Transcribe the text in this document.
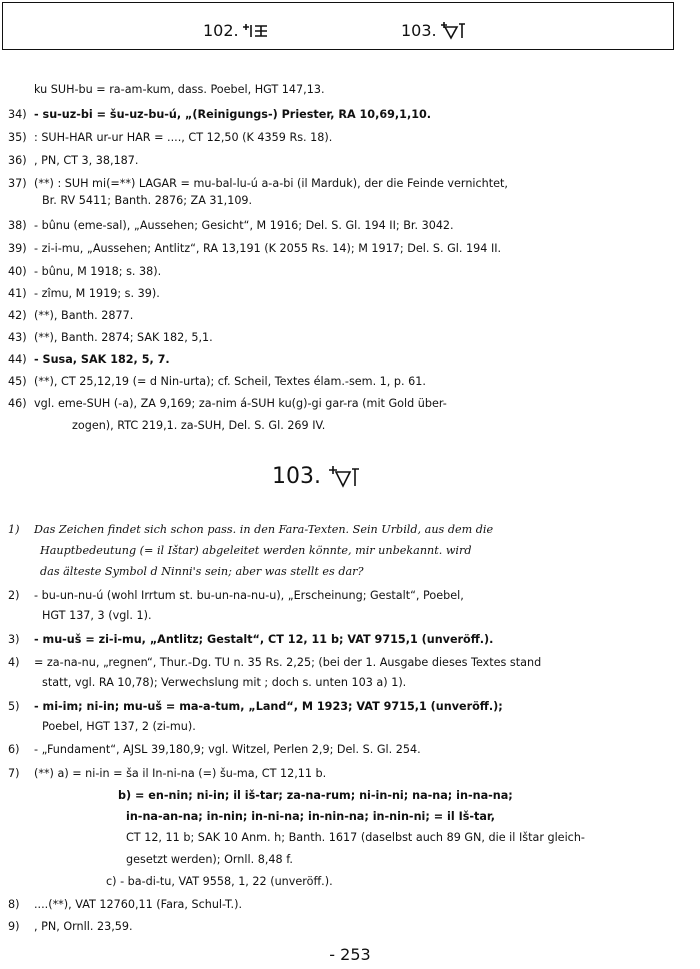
102.	103.
ku SUH-bu = ra-am-kum, dass. Poebel, HGT 147,13.
34) - su-uz-bi = šu-uz-bu-ú, „(Reinigungs-) Priester, RA 10,69,1,10.
35) : SUH-HAR ur-ur HAR = ...., CT 12,50 (K 4359 Rs. 18).
36) , PN, CT 3, 38,187.
37) (**) : SUH mi(=**) LAGAR = mu-bal-lu-ú a-a-bi (il Marduk), der die Feinde vernichtet,
Br. RV 5411; Banth. 2876; ZA 31,109.
38) - bûnu (eme-sal), „Aussehen; Gesicht“, M 1916; Del. S. Gl. 194 II; Br. 3042.
39) - zi-i-mu, „Aussehen; Antlitz“, RA 13,191 (K 2055 Rs. 14); M 1917; Del. S. Gl. 194 II.
40) - bûnu, M 1918; s. 38).
41) - zîmu, M 1919; s. 39).
42) (**), Banth. 2877.
43) (**), Banth. 2874; SAK 182, 5,1.
44) - Susa, SAK 182, 5, 7.
45) (**), CT 25,12,19 (= d Nin-urta); cf. Scheil, Textes élam.-sem. 1, p. 61.
46) vgl. eme-SUH (-a), ZA 9,169; za-nim á-SUH ku(g)-gi gar-ra (mit Gold über-
zogen), RTC 219,1. za-SUH, Del. S. Gl. 269 IV.
103.
1) Das Zeichen findet sich schon pass. in den Fara-Texten. Sein Urbild, aus dem die
Hauptbedeutung (= il Ištar) abgeleitet werden könnte, mir unbekannt. wird
das älteste Symbol d Ninni's sein; aber was stellt es dar?
2) - bu-un-nu-ú (wohl Irrtum st. bu-un-na-nu-u), „Erscheinung; Gestalt“, Poebel,
HGT 137, 3 (vgl. 1).
3) - mu-uš = zi-i-mu, „Antlitz; Gestalt“, CT 12, 11 b; VAT 9715,1 (unveröff.).
4) = za-na-nu, „regnen“, Thur.-Dg. TU n. 35 Rs. 2,25; (bei der 1. Ausgabe dieses Textes stand
statt, vgl. RA 10,78); Verwechslung mit ; doch s. unten 103 a) 1).
5) - mi-im; ni-in; mu-uš = ma-a-tum, „Land“, M 1923; VAT 9715,1 (unveröff.);
Poebel, HGT 137, 2 (zi-mu).
6) - „Fundament“, AJSL 39,180,9; vgl. Witzel, Perlen 2,9; Del. S. Gl. 254.
7) (**) a) = ni-in = ša il In-ni-na (=) šu-ma, CT 12,11 b.
b) = en-nin; ni-in; il iš-tar; za-na-rum; ni-in-ni; na-na; in-na-na;
in-na-an-na; in-nin; in-ni-na; in-nin-na; in-nin-ni; = il Iš-tar,
CT 12, 11 b; SAK 10 Anm. h; Banth. 1617 (daselbst auch 89 GN, die il Ištar gleich-
gesetzt werden); Ornll. 8,48 f.
c) - ba-di-tu, VAT 9558, 1, 22 (unveröff.).
8) ....(**), VAT 12760,11 (Fara, Schul-T.).
9) , PN, Ornll. 23,59.
- 253
